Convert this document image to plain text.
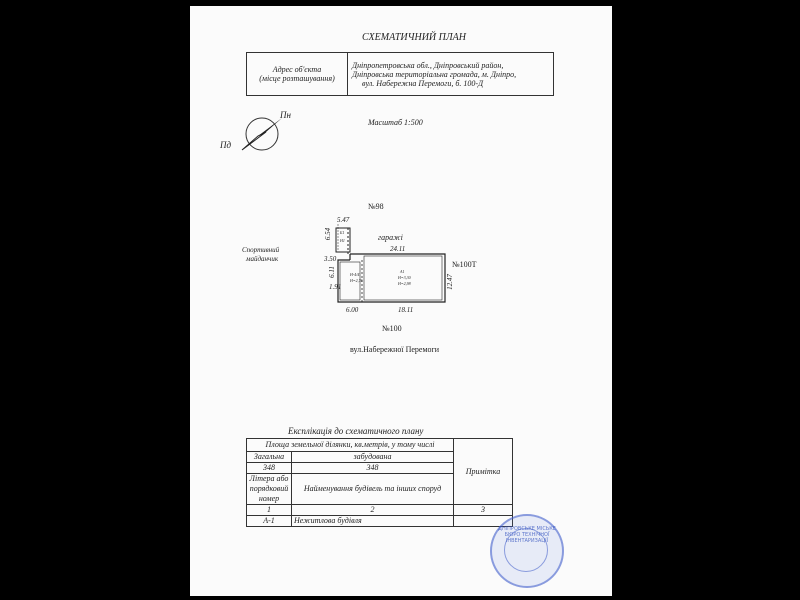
СХЕМАТИЧНИЙ ПЛАН
Адрес об'єкта
(місце розташування)

Дніпропетровська обл., Дніпровський район,
Дніпровська територіальна громада, м. Дніпро,
вул. Набережна Перемоги, б. 100-Д
Пн
Пд
Масштаб 1:500
№98
гаражі
Спортивний
майданчик
№100Т
№100
вул.Набережної Перемоги
5.47
6.54
24.11
3.50
6.11
1.91
6.00	18.11
12.47
Б1
Н1
Н-4/4
Н=2,76
А1
Н=3,30
Н=2,98
Експлікація до схематичного плану
Площа земельної ділянки, кв.метрів, у тому числі		Примітка
Загальна	забудована	
348	348	

Літера або
порядковий
номер	Найменування будівель та інших споруд	
1	2	3
А-1	Нежитлова будівля	
ДНІПРОВСЬКЕ МІСЬКЕ БЮРО ТЕХНІЧНОЇ ІНВЕНТАРИЗАЦІЇ
